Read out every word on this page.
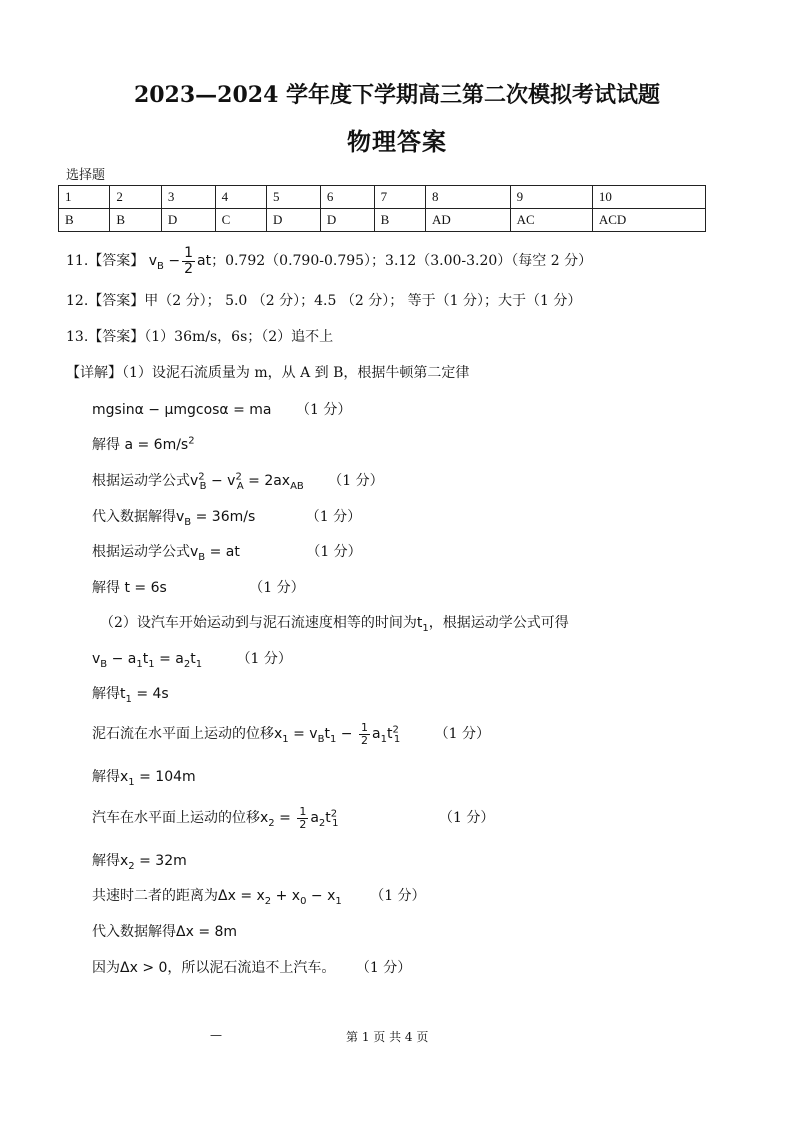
2023—2024 学年度下学期高三第二次模拟考试试题
物理答案
选择题
1	2	3	4	5	6	7	8	9	10
B	B	D	C	D	D	B	AD	AC	ACD
11.【答案】 $v_B - \frac{1}{2}$ at；0.792（0.790-0.795）；3.12（3.00-3.20）（每空 2 分）
12.【答案】甲（2 分）； 5.0 （2 分）；4.5 （2 分）； 等于（1 分）；大于（1 分）
13.【答案】（1）36m/s，6s；（2）追不上
【详解】（1）设泥石流质量为 m，从 A 到 B，根据牛顿第二定律
mgsinα − μmgcosα = ma （1 分）
解得 $a = 6m/s^2$
根据运动学公式$v^2_B - v^2_A = 2ax_{AB}$ （1 分）
代入数据解得$v_B = 36m/s$	（1 分）
根据运动学公式$v_B$ = at	（1 分）
解得 t = 6s	（1 分）
（2）设汽车开始运动到与泥石流速度相等的时间为$t_1$，根据运动学公式可得
$v_B - a_1t_1 = a_2t_1$ （1 分）
解得$t_1 = 4s$
泥石流在水平面上运动的位移$x_1 = v_Bt_1 - \frac{1}{2} a_1t^2_1$ （1 分）
解得$x_1 = 104m$
汽车在水平面上运动的位移$x_2 = \frac{1}{2} a_2t^2_1$	（1 分）
解得$x_2 = 32m$
共速时二者的距离为$\Delta x = x_2 + x_0 - x_1$ （1 分）
代入数据解得Δx = 8m
因为Δx > 0，所以泥石流追不上汽车。 （1 分）
—	第 1 页 共 4 页
